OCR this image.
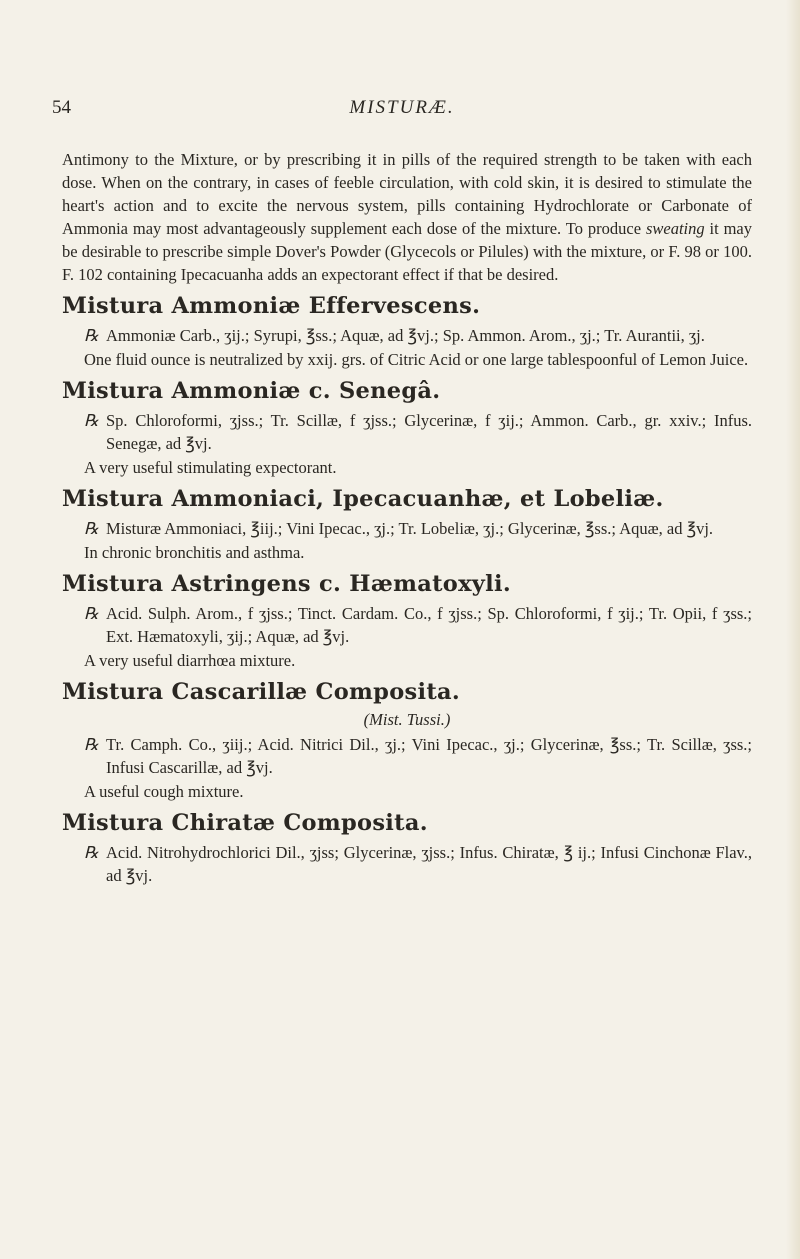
54	MISTURÆ.

Antimony to the Mixture, or by prescribing it in pills of the required strength to be taken with each dose. When on the contrary, in cases of feeble circulation, with cold skin, it is desired to stimulate the heart's action and to excite the nervous system, pills containing Hydrochlorate or Carbonate of Ammonia may most advantageously supplement each dose of the mixture. To produce sweating it may be desirable to prescribe simple Dover's Powder (Glycecols or Pilules) with the mixture, or F. 98 or 100. F. 102 containing Ipecacuanha adds an expectorant effect if that be desired.

Mistura Ammoniæ Effervescens.
℞ Ammoniæ Carb., ʒij.; Syrupi, ℥ss.; Aquæ, ad ℥vj.; Sp. Ammon. Arom., ʒj.; Tr. Aurantii, ʒj.
One fluid ounce is neutralized by xxij. grs. of Citric Acid or one large tablespoonful of Lemon Juice.
Mistura Ammoniæ c. Senegâ.
℞ Sp. Chloroformi, ʒjss.; Tr. Scillæ, f ʒjss.; Glycerinæ, f ʒij.; Ammon. Carb., gr. xxiv.; Infus. Senegæ, ad ℥vj.
A very useful stimulating expectorant.
Mistura Ammoniaci, Ipecacuanhæ, et Lobeliæ.
℞ Misturæ Ammoniaci, ℥iij.; Vini Ipecac., ʒj.; Tr. Lobeliæ, ʒj.; Glycerinæ, ℥ss.; Aquæ, ad ℥vj.
In chronic bronchitis and asthma.
Mistura Astringens c. Hæmatoxyli.
℞ Acid. Sulph. Arom., f ʒjss.; Tinct. Cardam. Co., f ʒjss.; Sp. Chloroformi, f ʒij.; Tr. Opii, f ʒss.; Ext. Hæmatoxyli, ʒij.; Aquæ, ad ℥vj.
A very useful diarrhœa mixture.
Mistura Cascarillæ Composita.
(Mist. Tussi.)
℞ Tr. Camph. Co., ʒiij.; Acid. Nitrici Dil., ʒj.; Vini Ipecac., ʒj.; Glycerinæ, ℥ss.; Tr. Scillæ, ʒss.; Infusi Cascarillæ, ad ℥vj.
A useful cough mixture.
Mistura Chiratæ Composita.
℞ Acid. Nitrohydrochlorici Dil., ʒjss; Glycerinæ, ʒjss.; Infus. Chiratæ, ℥ ij.; Infusi Cinchonæ Flav., ad ℥vj.
